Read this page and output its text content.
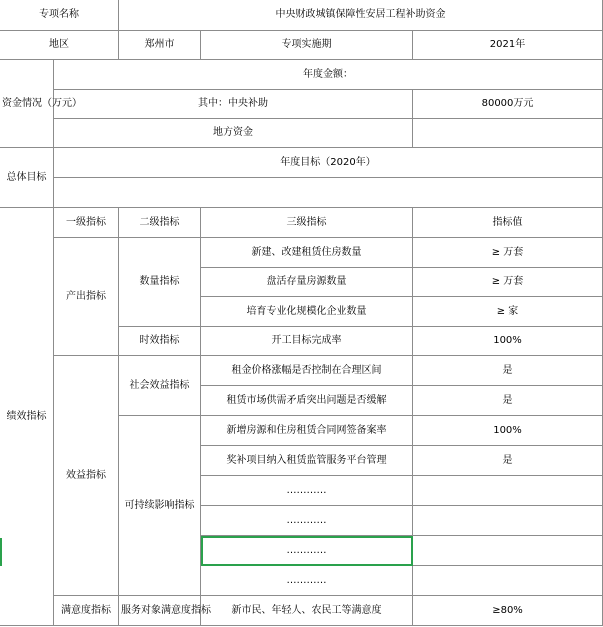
专项名称		中央财政城镇保障性安居工程补助资金		
地区		郑州市	专项实施期	2021年
资金情况（万元）	年度金额：			
	其中：中央补助			80000万元
	地方资金			
总体目标	年度目标（2020年）			

绩效指标	一级指标	二级指标	三级指标	指标值
	产出指标	数量指标	新建、改建租赁住房数量	≥ 万套
			盘活存量房源数量	≥ 万套
			培育专业化规模化企业数量	≥ 家
		时效指标	开工目标完成率	100%
	效益指标	社会效益指标	租金价格涨幅是否控制在合理区间	是
			租赁市场供需矛盾突出问题是否缓解	是
		可持续影响指标	新增房源和住房租赁合同网签备案率	100%
			奖补项目纳入租赁监管服务平台管理	是
			…………	
			…………	
			…………	
			…………	
	满意度指标	服务对象满意度指标	新市民、年轻人、农民工等满意度	≥80%
